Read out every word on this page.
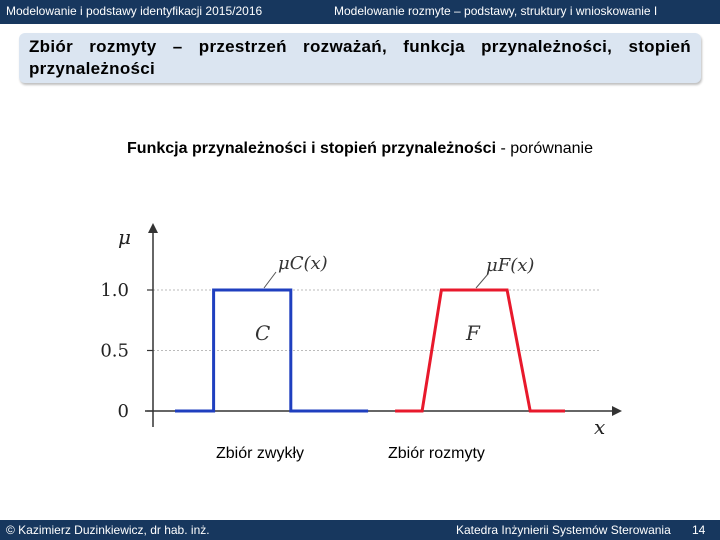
Modelowanie i podstawy identyfikacji 2015/2016	Modelowanie rozmyte – podstawy, struktury i wnioskowanie I
Zbiór rozmyty – przestrzeń rozważań, funkcja przynależności, stopień przynależności
Funkcja przynależności i stopień przynależności - porównanie
0
0.5
1.0
μ
x
μC(x)
C
μF(x)
F
Zbiór zwykły	Zbiór rozmyty
© Kazimierz Duzinkiewicz, dr hab. inż.	Katedra Inżynierii Systemów Sterowania 14
